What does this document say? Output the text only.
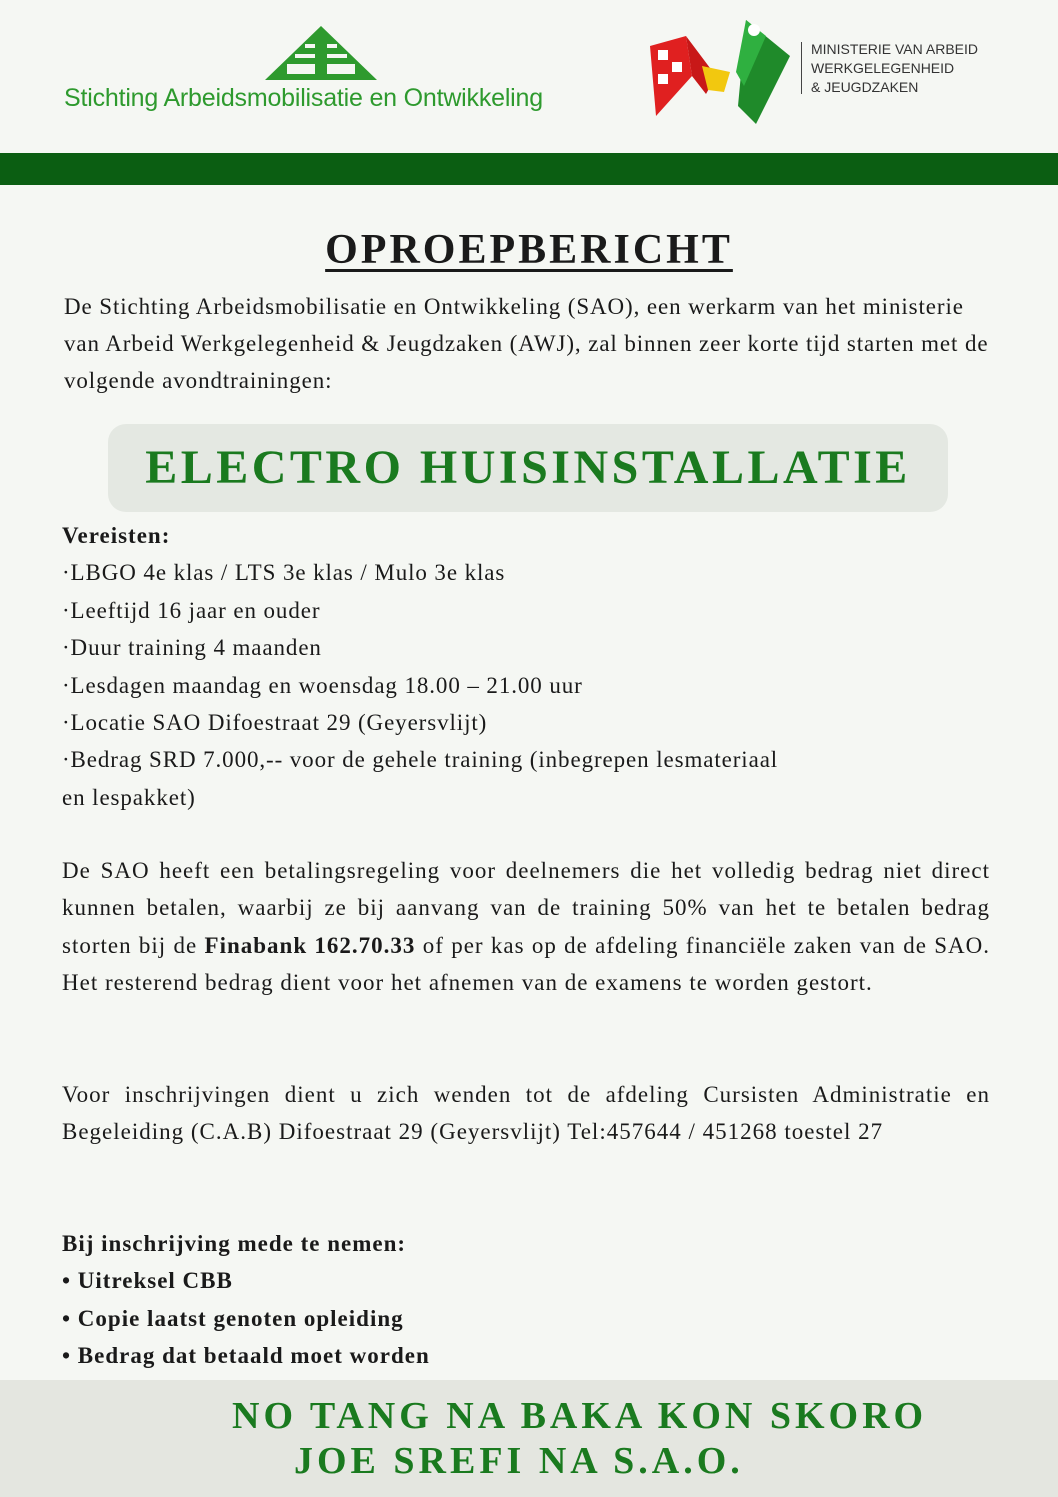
Stichting Arbeidsmobilisatie en Ontwikkeling
MINISTERIE VAN ARBEID
WERKGELEGENHEID
& JEUGDZAKEN
OPROEPBERICHT
De Stichting Arbeidsmobilisatie en Ontwikkeling (SAO), een werkarm van het ministerie van Arbeid Werkgelegenheid & Jeugdzaken (AWJ), zal binnen zeer korte tijd starten met de volgende avondtrainingen:
ELECTRO HUISINSTALLATIE
Vereisten:
·LBGO 4e klas / LTS 3e klas / Mulo 3e klas
·Leeftijd 16 jaar en ouder
·Duur training 4 maanden
·Lesdagen maandag en woensdag 18.00 – 21.00 uur
·Locatie SAO Difoestraat 29 (Geyersvlijt)
·Bedrag SRD 7.000,-- voor de gehele training (inbegrepen lesmateriaal
en lespakket)
De SAO heeft een betalingsregeling voor deelnemers die het volledig bedrag niet direct kunnen betalen, waarbij ze bij aanvang van de training 50% van het te betalen bedrag storten bij de Finabank 162.70.33 of per kas op de afdeling financiële zaken van de SAO. Het resterend bedrag dient voor het afnemen van de examens te worden gestort.
Voor inschrijvingen dient u zich wenden tot de afdeling Cursisten Administratie en Begeleiding (C.A.B) Difoestraat 29 (Geyersvlijt) Tel:457644 / 451268 toestel 27
Bij inschrijving mede te nemen:
• Uitreksel CBB
• Copie laatst genoten opleiding
• Bedrag dat betaald moet worden
NO TANG NA BAKA KON SKORO
JOE SREFI NA S.A.O.
